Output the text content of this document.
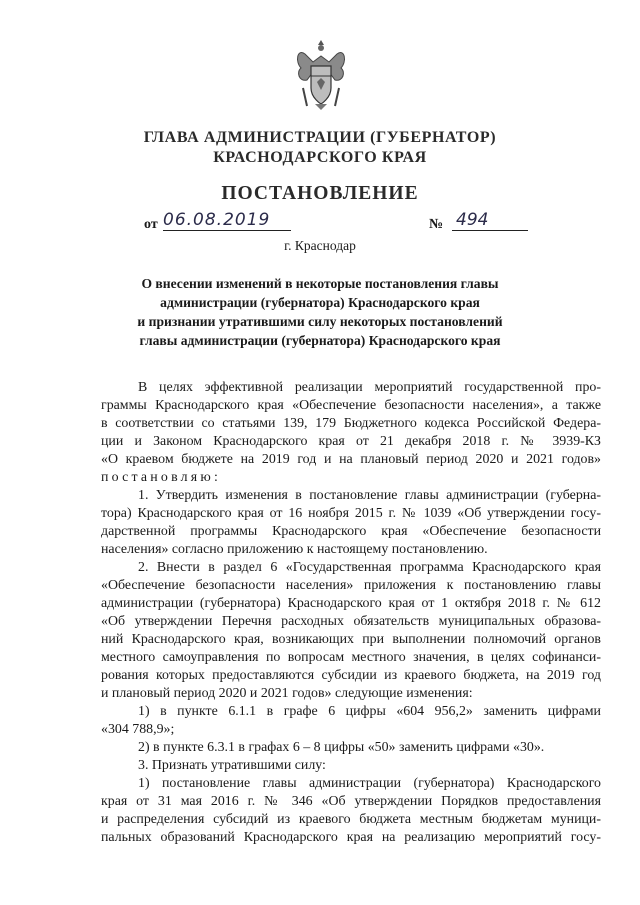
ГЛАВА АДМИНИСТРАЦИИ (ГУБЕРНАТОР)
КРАСНОДАРСКОГО КРАЯ
ПОСТАНОВЛЕНИЕ
от 06.08.2019	№ 494
г. Краснодар
О внесении изменений в некоторые постановления главы
администрации (губернатора) Краснодарского края
и признании утратившими силу некоторых постановлений
главы администрации (губернатора) Краснодарского края
В целях эффективной реализации мероприятий государственной про-
граммы Краснодарского края «Обеспечение безопасности населения», а также
в соответствии со статьями 139, 179 Бюджетного кодекса Российской Федера-
ции и Законом Краснодарского края от 21 декабря 2018 г. № 3939-КЗ
«О краевом бюджете на 2019 год и на плановый период 2020 и 2021 годов»
постановляю:
1. Утвердить изменения в постановление главы администрации (губерна-
тора) Краснодарского края от 16 ноября 2015 г. № 1039 «Об утверждении госу-
дарственной программы Краснодарского края «Обеспечение безопасности
населения» согласно приложению к настоящему постановлению.
2. Внести в раздел 6 «Государственная программа Краснодарского края
«Обеспечение безопасности населения» приложения к постановлению главы
администрации (губернатора) Краснодарского края от 1 октября 2018 г. № 612
«Об утверждении Перечня расходных обязательств муниципальных образова-
ний Краснодарского края, возникающих при выполнении полномочий органов
местного самоуправления по вопросам местного значения, в целях софинанси-
рования которых предоставляются субсидии из краевого бюджета, на 2019 год
и плановый период 2020 и 2021 годов» следующие изменения:
1) в пункте 6.1.1 в графе 6 цифры «604 956,2» заменить цифрами
«304 788,9»;
2) в пункте 6.3.1 в графах 6 – 8 цифры «50» заменить цифрами «30».
3. Признать утратившими силу:
1) постановление главы администрации (губернатора) Краснодарского
края от 31 мая 2016 г. № 346 «Об утверждении Порядков предоставления
и распределения субсидий из краевого бюджета местным бюджетам муници-
пальных образований Краснодарского края на реализацию мероприятий госу-
